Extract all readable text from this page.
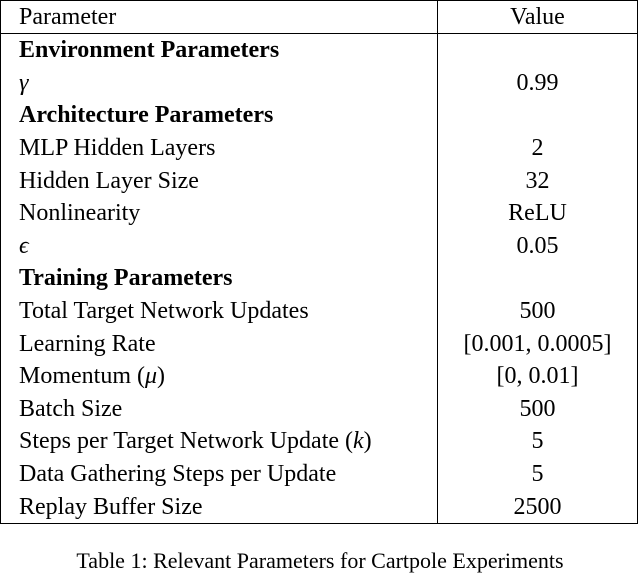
Parameter	Value
Environment Parameters	
γ	0.99
Architecture Parameters	
MLP Hidden Layers	2
Hidden Layer Size	32
Nonlinearity	ReLU
ϵ	0.05
Training Parameters	
Total Target Network Updates	500
Learning Rate	[0.001, 0.0005]
Momentum (μ)	[0, 0.01]
Batch Size	500
Steps per Target Network Update (k)	5
Data Gathering Steps per Update	5
Replay Buffer Size	2500
Table 1: Relevant Parameters for Cartpole Experiments
